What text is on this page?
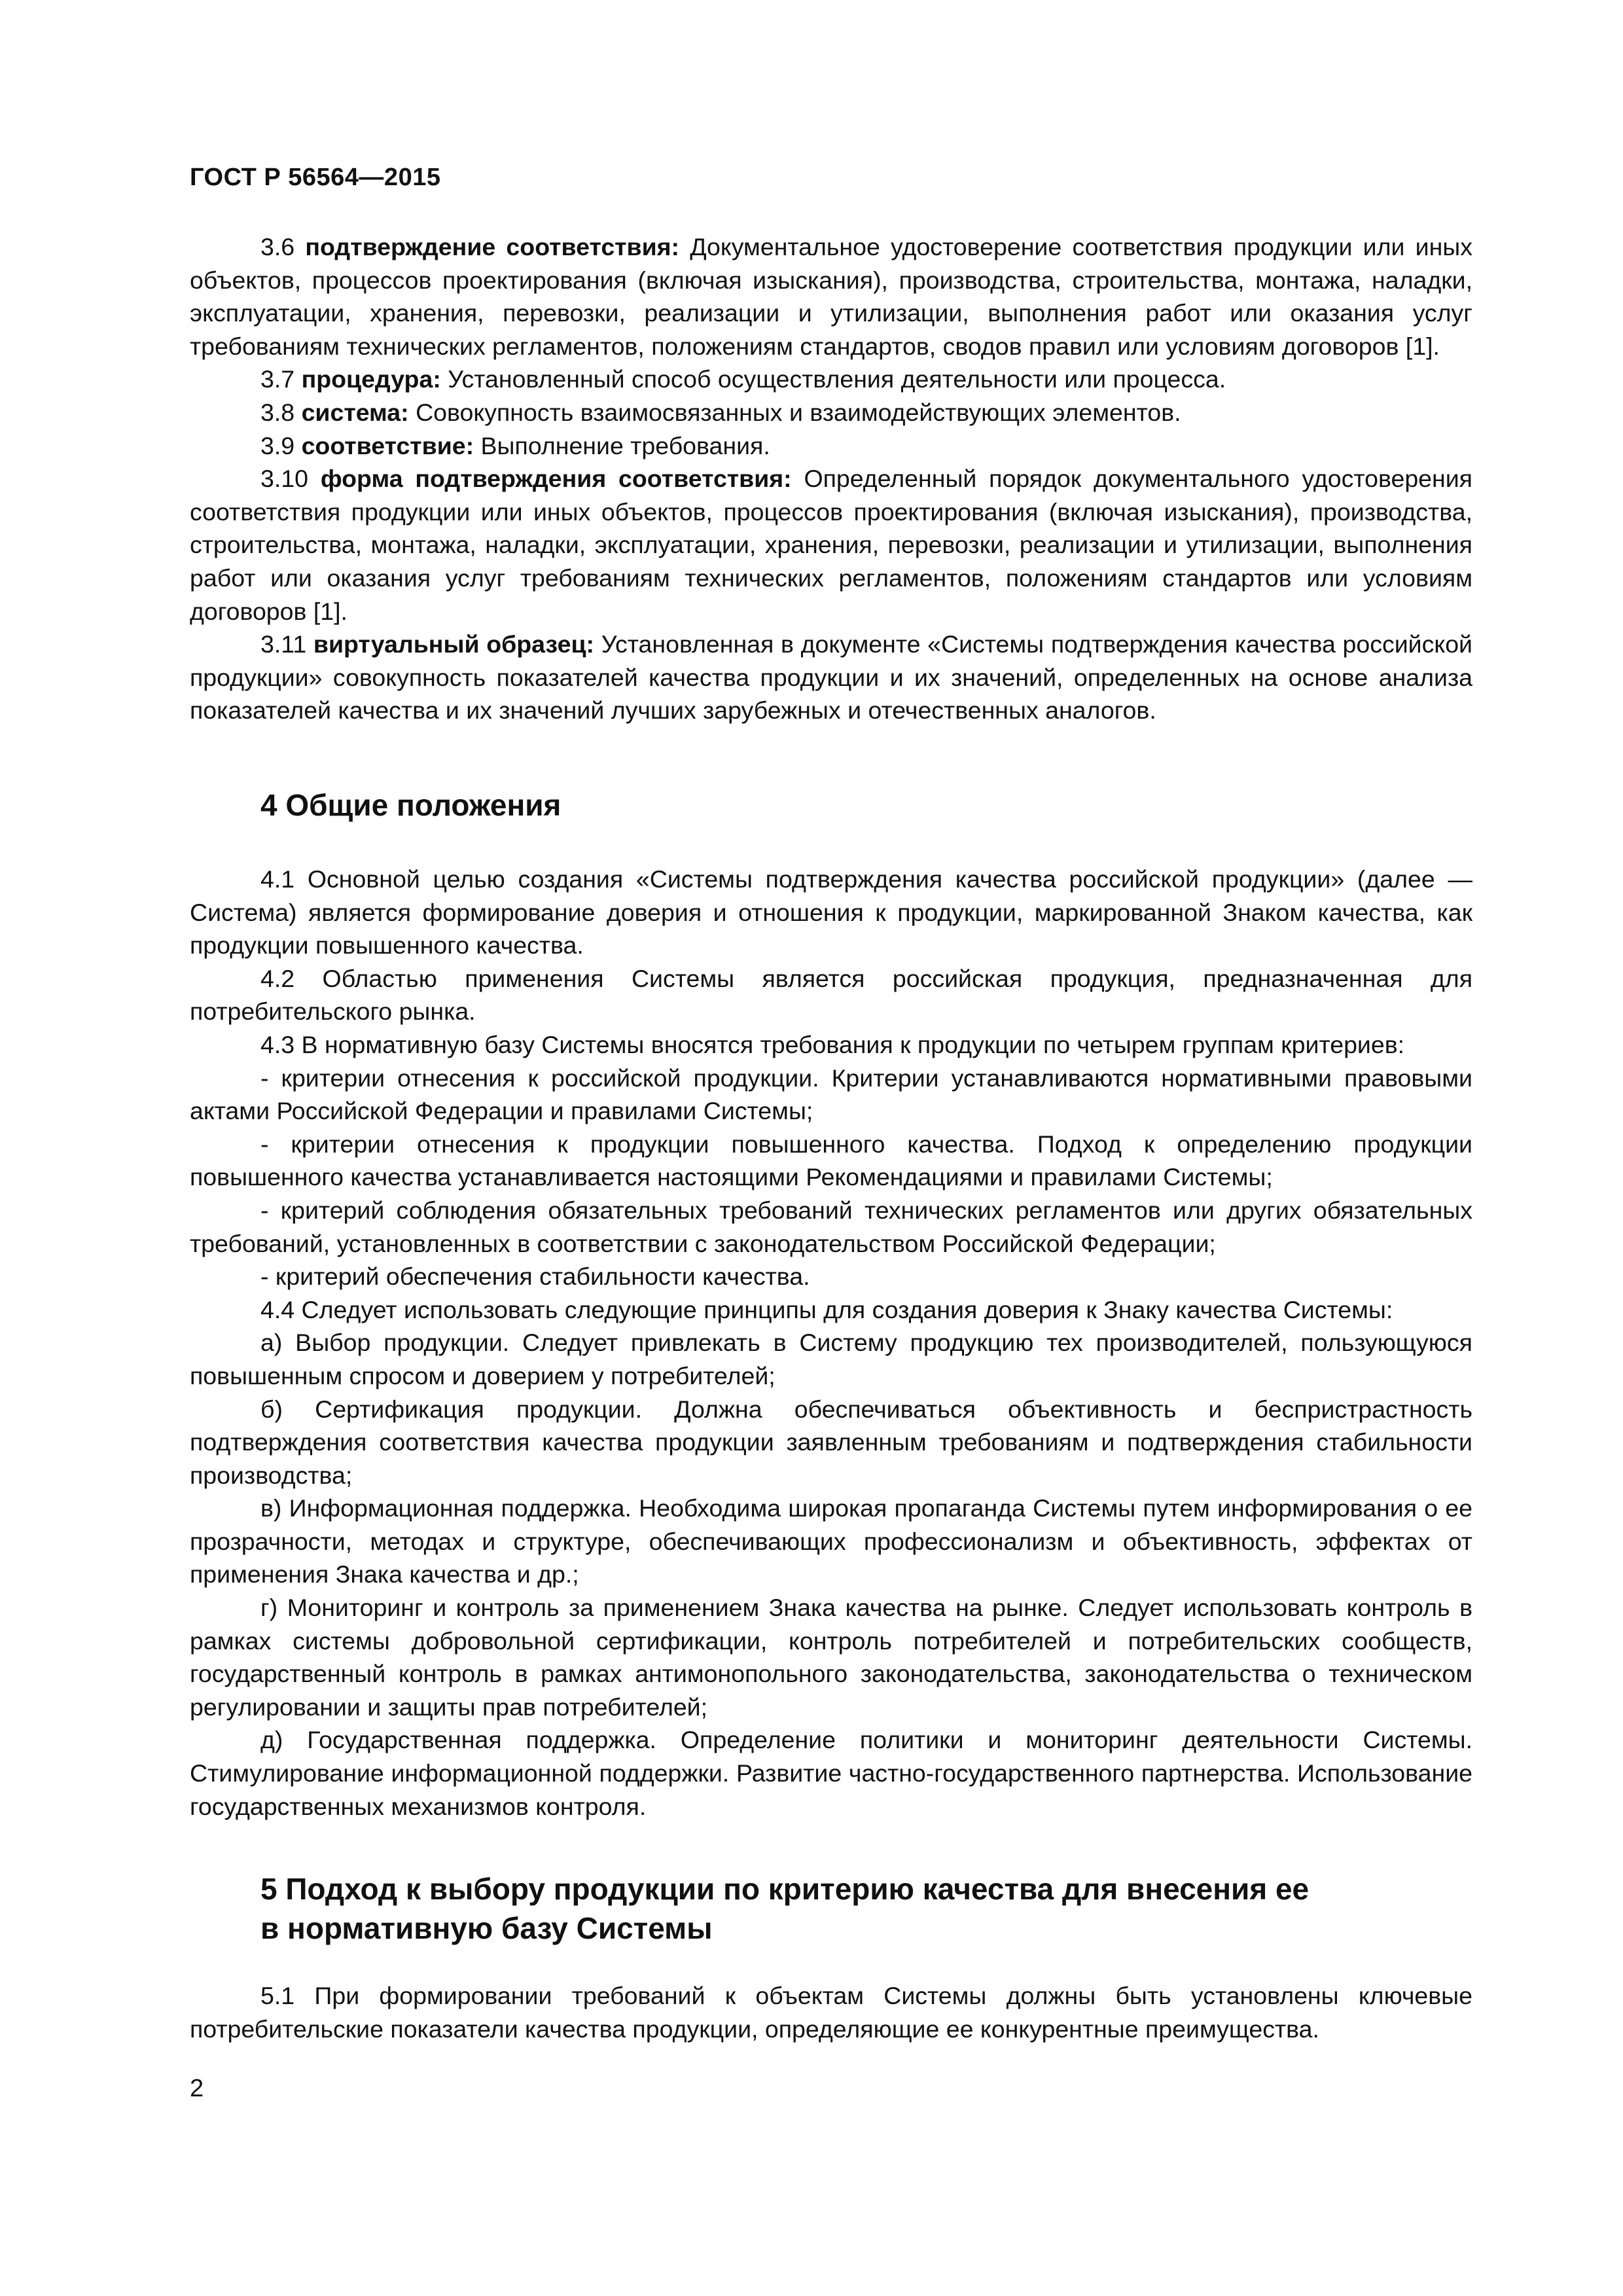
ГОСТ Р 56564—2015

3.6 подтверждение соответствия: Документальное удостоверение соответствия продукции или иных объектов, процессов проектирования (включая изыскания), производства, строительства, монтажа, наладки, эксплуатации, хранения, перевозки, реализации и утилизации, выполнения работ или оказания услуг требованиям технических регламентов, положениям стандартов, сводов правил или условиям договоров [1].

3.7 процедура: Установленный способ осуществления деятельности или процесса.

3.8 система: Совокупность взаимосвязанных и взаимодействующих элементов.

3.9 соответствие: Выполнение требования.

3.10 форма подтверждения соответствия: Определенный порядок документального удостоверения соответствия продукции или иных объектов, процессов проектирования (включая изыскания), производства, строительства, монтажа, наладки, эксплуатации, хранения, перевозки, реализации и утилизации, выполнения работ или оказания услуг требованиям технических регламентов, положениям стандартов или условиям договоров [1].

3.11 виртуальный образец: Установленная в документе «Системы подтверждения качества российской продукции» совокупность показателей качества продукции и их значений, определенных на основе анализа показателей качества и их значений лучших зарубежных и отечественных аналогов.

4 Общие положения

4.1 Основной целью создания «Системы подтверждения качества российской продукции» (далее — Система) является формирование доверия и отношения к продукции, маркированной Знаком качества, как продукции повышенного качества.

4.2 Областью применения Системы является российская продукция, предназначенная для потребительского рынка.

4.3 В нормативную базу Системы вносятся требования к продукции по четырем группам критериев:

- критерии отнесения к российской продукции. Критерии устанавливаются нормативными правовыми актами Российской Федерации и правилами Системы;

- критерии отнесения к продукции повышенного качества. Подход к определению продукции повышенного качества устанавливается настоящими Рекомендациями и правилами Системы;

- критерий соблюдения обязательных требований технических регламентов или других обязательных требований, установленных в соответствии с законодательством Российской Федерации;

- критерий обеспечения стабильности качества.

4.4 Следует использовать следующие принципы для создания доверия к Знаку качества Системы:

а) Выбор продукции. Следует привлекать в Систему продукцию тех производителей, пользующуюся повышенным спросом и доверием у потребителей;

б) Сертификация продукции. Должна обеспечиваться объективность и беспристрастность подтверждения соответствия качества продукции заявленным требованиям и подтверждения стабильности производства;

в) Информационная поддержка. Необходима широкая пропаганда Системы путем информирования о ее прозрачности, методах и структуре, обеспечивающих профессионализм и объективность, эффектах от применения Знака качества и др.;

г) Мониторинг и контроль за применением Знака качества на рынке. Следует использовать контроль в рамках системы добровольной сертификации, контроль потребителей и потребительских сообществ, государственный контроль в рамках антимонопольного законодательства, законодательства о техническом регулировании и защиты прав потребителей;

д) Государственная поддержка. Определение политики и мониторинг деятельности Системы. Стимулирование информационной поддержки. Развитие частно-государственного партнерства. Использование государственных механизмов контроля.

5 Подход к выбору продукции по критерию качества для внесения ее
в нормативную базу Системы

5.1 При формировании требований к объектам Системы должны быть установлены ключевые потребительские показатели качества продукции, определяющие ее конкурентные преимущества.

2
